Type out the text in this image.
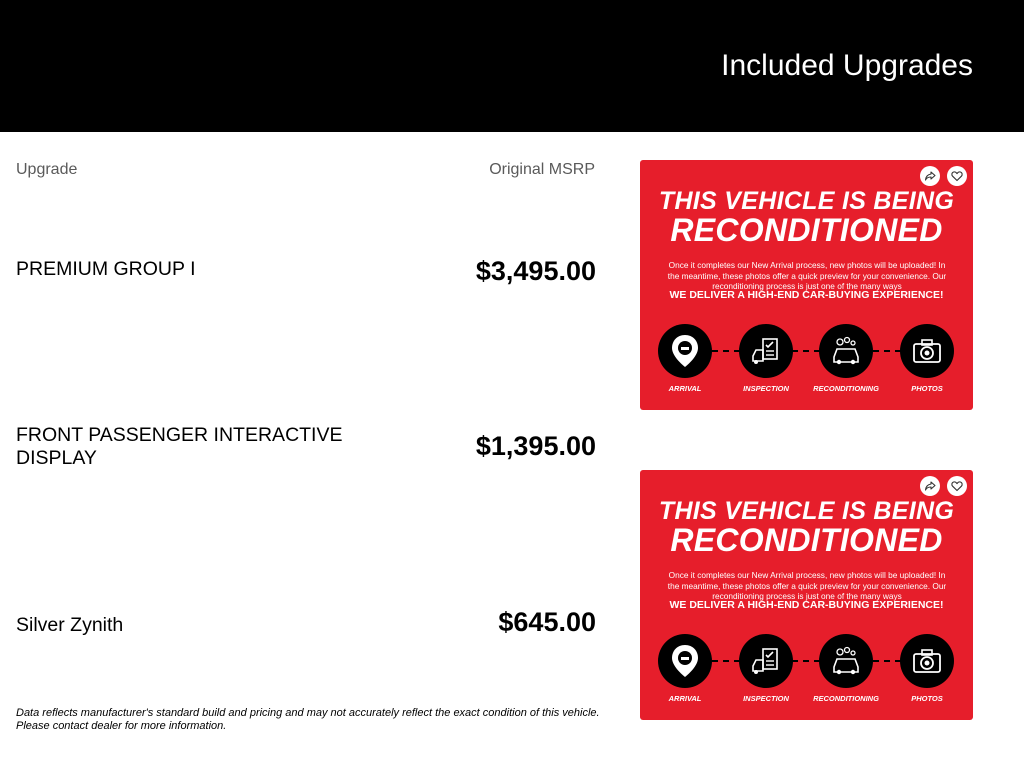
Included Upgrades
Upgrade	Original MSRP
PREMIUM GROUP I	$3,495.00
FRONT PASSENGER INTERACTIVE DISPLAY	$1,395.00
Silver Zynith	$645.00
Data reflects manufacturer's standard build and pricing and may not accurately reflect the exact condition of this vehicle.
Please contact dealer for more information.
THIS VEHICLE IS BEING
RECONDITIONED
Once it completes our New Arrival process, new photos will be uploaded! In the meantime, these photos offer a quick preview for your convenience. Our reconditioning process is just one of the many ways
WE DELIVER A HIGH-END CAR-BUYING EXPERIENCE!
ARRIVAL	INSPECTION	RECONDITIONING	PHOTOS
THIS VEHICLE IS BEING
RECONDITIONED
Once it completes our New Arrival process, new photos will be uploaded! In the meantime, these photos offer a quick preview for your convenience. Our reconditioning process is just one of the many ways
WE DELIVER A HIGH-END CAR-BUYING EXPERIENCE!
ARRIVAL	INSPECTION	RECONDITIONING	PHOTOS
